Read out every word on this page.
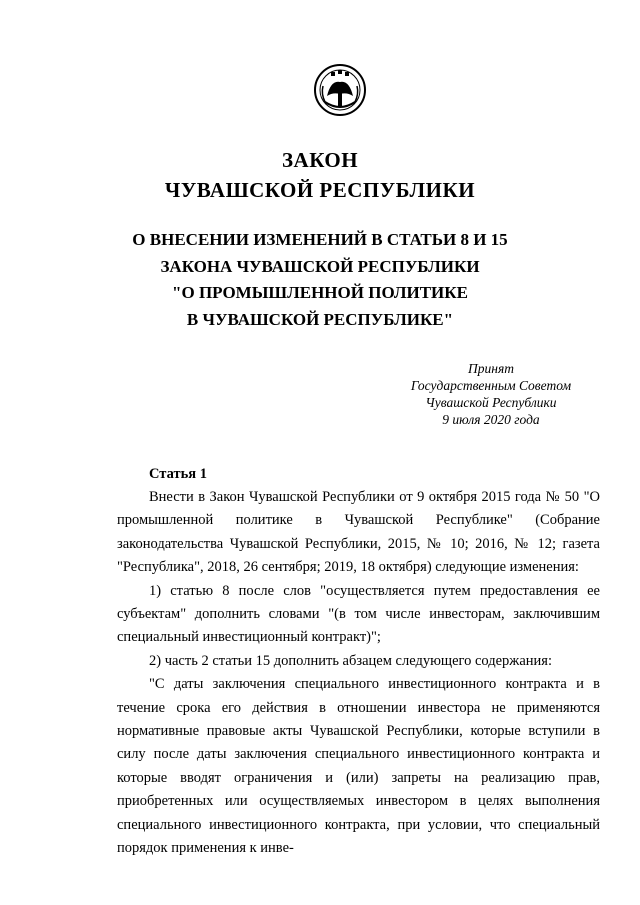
ЗАКОН
ЧУВАШСКОЙ РЕСПУБЛИКИ
О ВНЕСЕНИИ ИЗМЕНЕНИЙ В СТАТЬИ 8 И 15
ЗАКОНА ЧУВАШСКОЙ РЕСПУБЛИКИ
"О ПРОМЫШЛЕННОЙ ПОЛИТИКЕ
В ЧУВАШСКОЙ РЕСПУБЛИКЕ"
Принят
Государственным Советом
Чувашской Республики
9 июля 2020 года
Статья 1

Внести в Закон Чувашской Республики от 9 октября 2015 года № 50 "О промышленной политике в Чувашской Республике" (Собрание законодательства Чувашской Республики, 2015, № 10; 2016, № 12; газета "Республика", 2018, 26 сентября; 2019, 18 октября) следующие изменения:

1) статью 8 после слов "осуществляется путем предоставления ее субъектам" дополнить словами "(в том числе инвесторам, заключившим специальный инвестиционный контракт)";

2) часть 2 статьи 15 дополнить абзацем следующего содержания:

"С даты заключения специального инвестиционного контракта и в течение срока его действия в отношении инвестора не применяются нормативные правовые акты Чувашской Республики, которые вступили в силу после даты заключения специального инвестиционного контракта и которые вводят ограничения и (или) запреты на реализацию прав, приобретенных или осуществляемых инвестором в целях выполнения специального инвестиционного контракта, при условии, что специальный порядок применения к инве-
